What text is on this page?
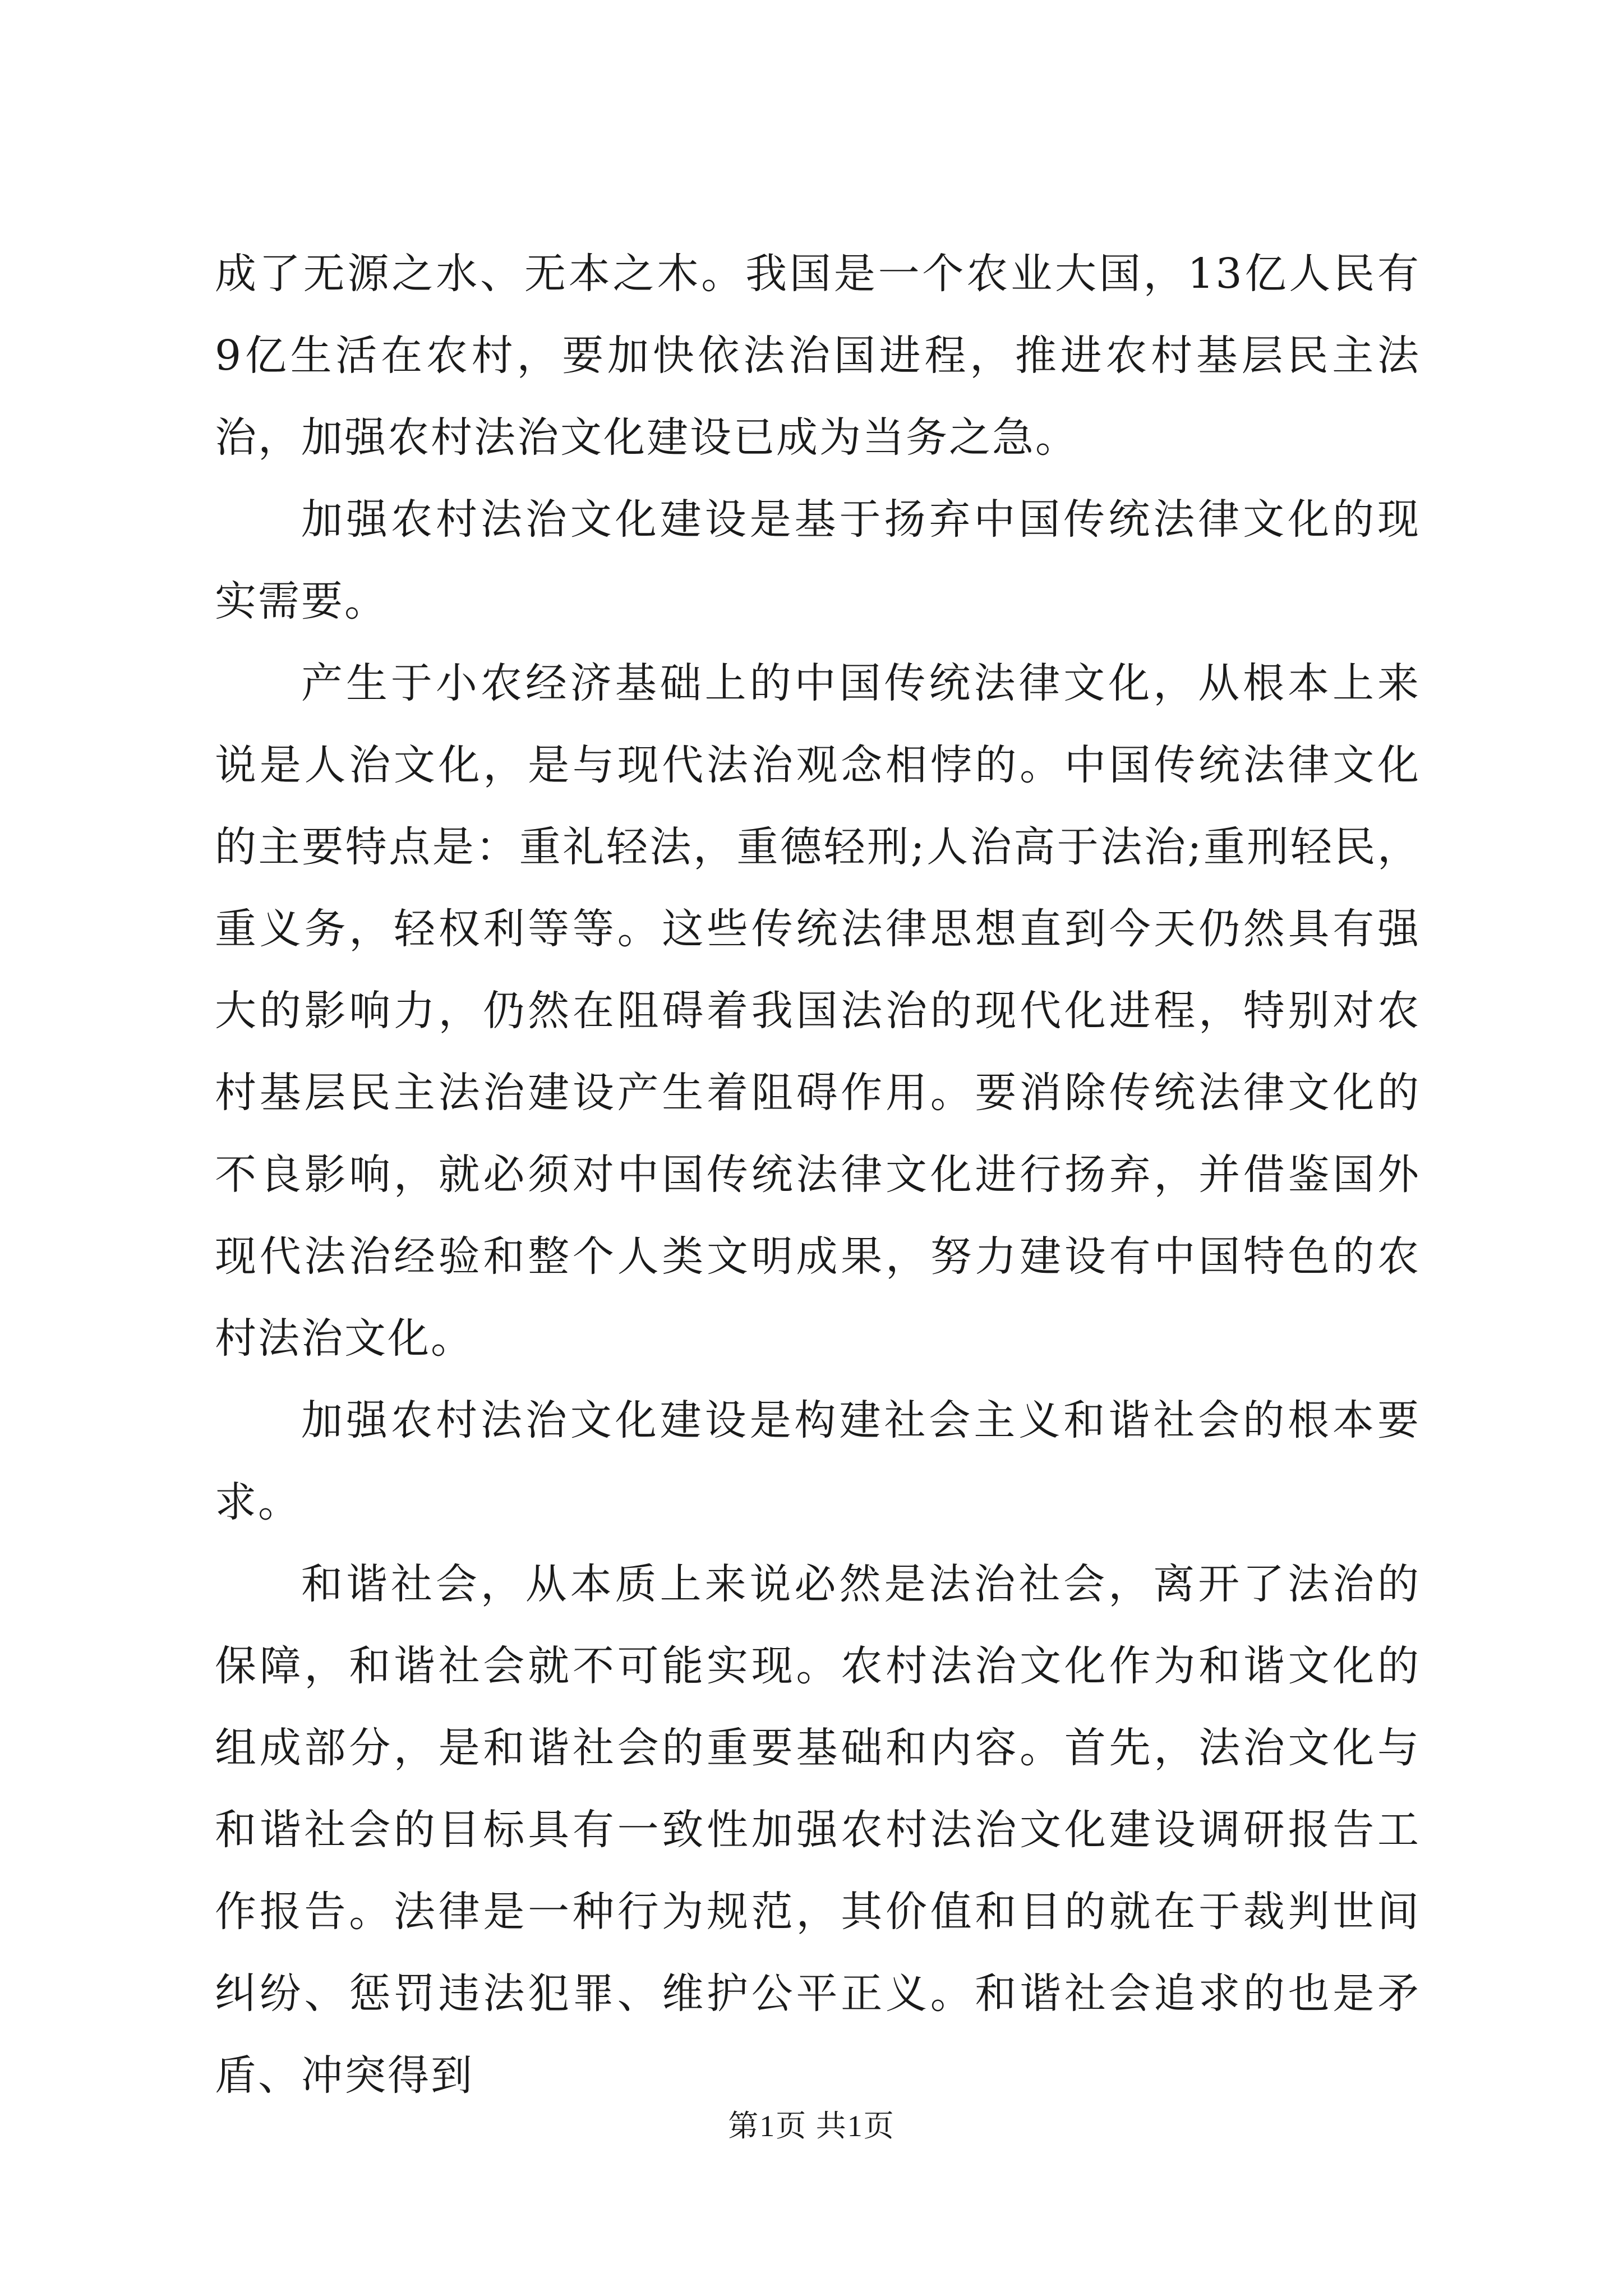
成了无源之水、无本之木。我国是一个农业大国，13亿人民有9亿生活在农村，要加快依法治国进程，推进农村基层民主法治，加强农村法治文化建设已成为当务之急。

加强农村法治文化建设是基于扬弃中国传统法律文化的现实需要。

产生于小农经济基础上的中国传统法律文化，从根本上来说是人治文化，是与现代法治观念相悖的。中国传统法律文化的主要特点是：重礼轻法，重德轻刑;人治高于法治;重刑轻民，重义务，轻权利等等。这些传统法律思想直到今天仍然具有强大的影响力，仍然在阻碍着我国法治的现代化进程，特别对农村基层民主法治建设产生着阻碍作用。要消除传统法律文化的不良影响，就必须对中国传统法律文化进行扬弃，并借鉴国外现代法治经验和整个人类文明成果，努力建设有中国特色的农村法治文化。

加强农村法治文化建设是构建社会主义和谐社会的根本要求。

和谐社会，从本质上来说必然是法治社会，离开了法治的保障，和谐社会就不可能实现。农村法治文化作为和谐文化的组成部分，是和谐社会的重要基础和内容。首先，法治文化与和谐社会的目标具有一致性加强农村法治文化建设调研报告工作报告。法律是一种行为规范，其价值和目的就在于裁判世间纠纷、惩罚违法犯罪、维护公平正义。和谐社会追求的也是矛盾、冲突得到

第1页 共1页
